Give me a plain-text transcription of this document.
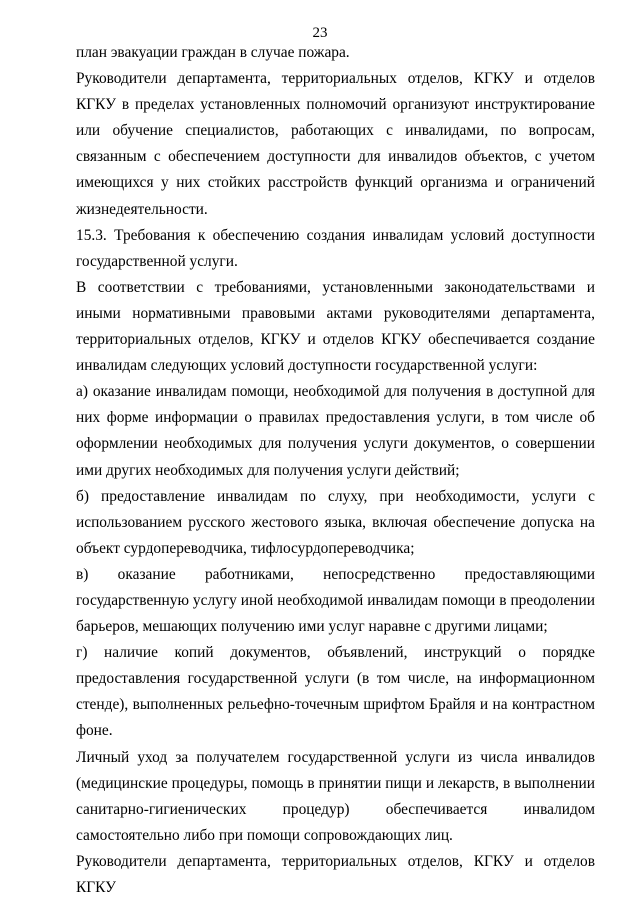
23

план эвакуации граждан в случае пожара.

Руководители департамента, территориальных отделов, КГКУ и отделов КГКУ в пределах установленных полномочий организуют инструктирование или обучение специалистов, работающих с инвалидами, по вопросам, связанным с обеспечением доступности для инвалидов объектов, с учетом имеющихся у них стойких расстройств функций организма и ограничений жизнедеятельности.

15.3. Требования к обеспечению создания инвалидам условий доступности государственной услуги.

В соответствии с требованиями, установленными законодательствами и иными нормативными правовыми актами руководителями департамента, территориальных отделов, КГКУ и отделов КГКУ обеспечивается создание инвалидам следующих условий доступности государственной услуги:

а) оказание инвалидам помощи, необходимой для получения в доступной для них форме информации о правилах предоставления услуги, в том числе об оформлении необходимых для получения услуги документов, о совершении ими других необходимых для получения услуги действий;

б) предоставление инвалидам по слуху, при необходимости, услуги с использованием русского жестового языка, включая обеспечение допуска на объект сурдопереводчика, тифлосурдопереводчика;

в) оказание работниками, непосредственно предоставляющими государственную услугу иной необходимой инвалидам помощи в преодолении барьеров, мешающих получению ими услуг наравне с другими лицами;

г) наличие копий документов, объявлений, инструкций о порядке предоставления государственной услуги (в том числе, на информационном стенде), выполненных рельефно-точечным шрифтом Брайля и на контрастном фоне.

Личный уход за получателем государственной услуги из числа инвалидов (медицинские процедуры, помощь в принятии пищи и лекарств, в выполнении санитарно-гигиенических процедур) обеспечивается инвалидом самостоятельно либо при помощи сопровождающих лиц.

Руководители департамента, территориальных отделов, КГКУ и отделов КГКУ
